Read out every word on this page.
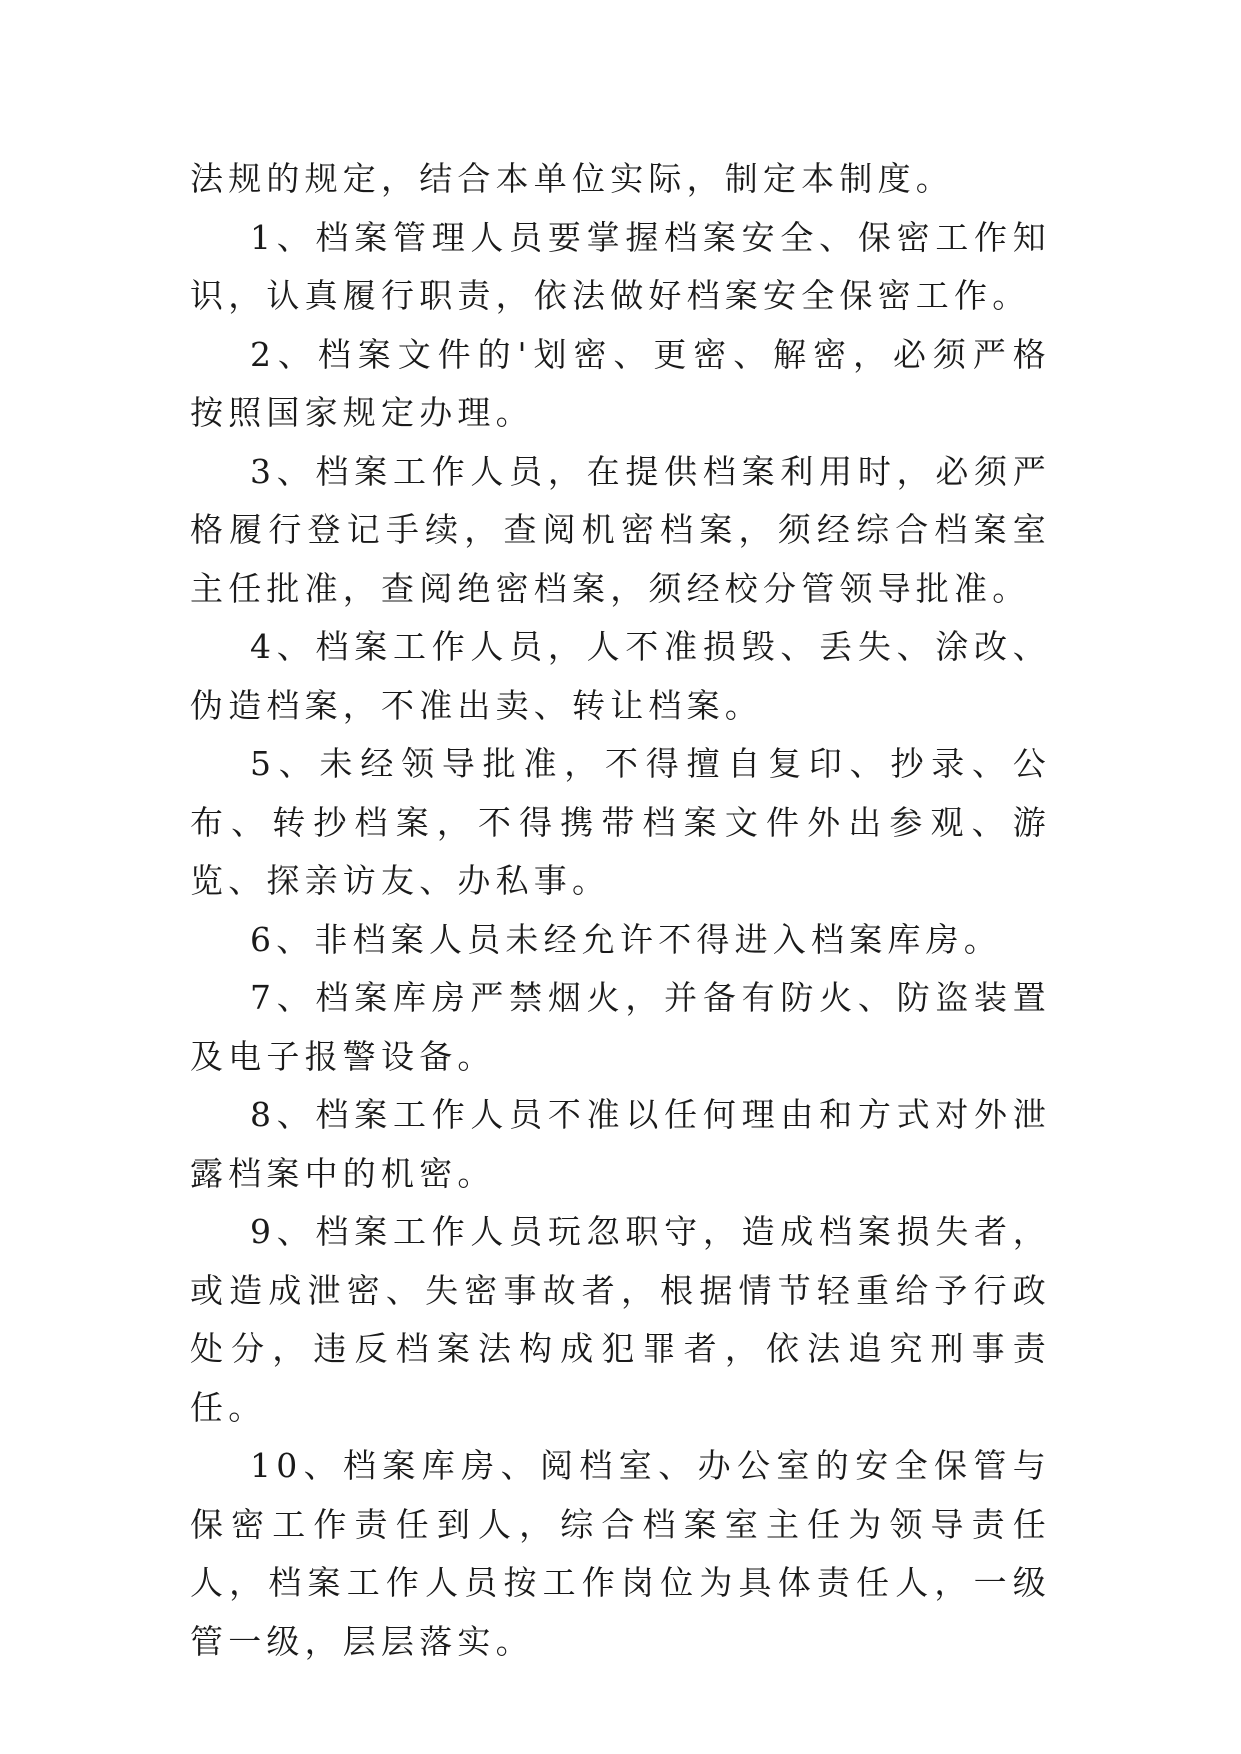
法规的规定，结合本单位实际，制定本制度。

1、档案管理人员要掌握档案安全、保密工作知识，认真履行职责，依法做好档案安全保密工作。

2、档案文件的'划密、更密、解密，必须严格按照国家规定办理。

3、档案工作人员，在提供档案利用时，必须严格履行登记手续，查阅机密档案，须经综合档案室主任批准，查阅绝密档案，须经校分管领导批准。

4、档案工作人员，人不准损毁、丢失、涂改、伪造档案，不准出卖、转让档案。

5、未经领导批准，不得擅自复印、抄录、公布、转抄档案，不得携带档案文件外出参观、游览、探亲访友、办私事。

6、非档案人员未经允许不得进入档案库房。

7、档案库房严禁烟火，并备有防火、防盗装置及电子报警设备。

8、档案工作人员不准以任何理由和方式对外泄露档案中的机密。

9、档案工作人员玩忽职守，造成档案损失者，或造成泄密、失密事故者，根据情节轻重给予行政处分，违反档案法构成犯罪者，依法追究刑事责任。

10、档案库房、阅档室、办公室的安全保管与保密工作责任到人，综合档案室主任为领导责任人，档案工作人员按工作岗位为具体责任人，一级管一级，层层落实。
